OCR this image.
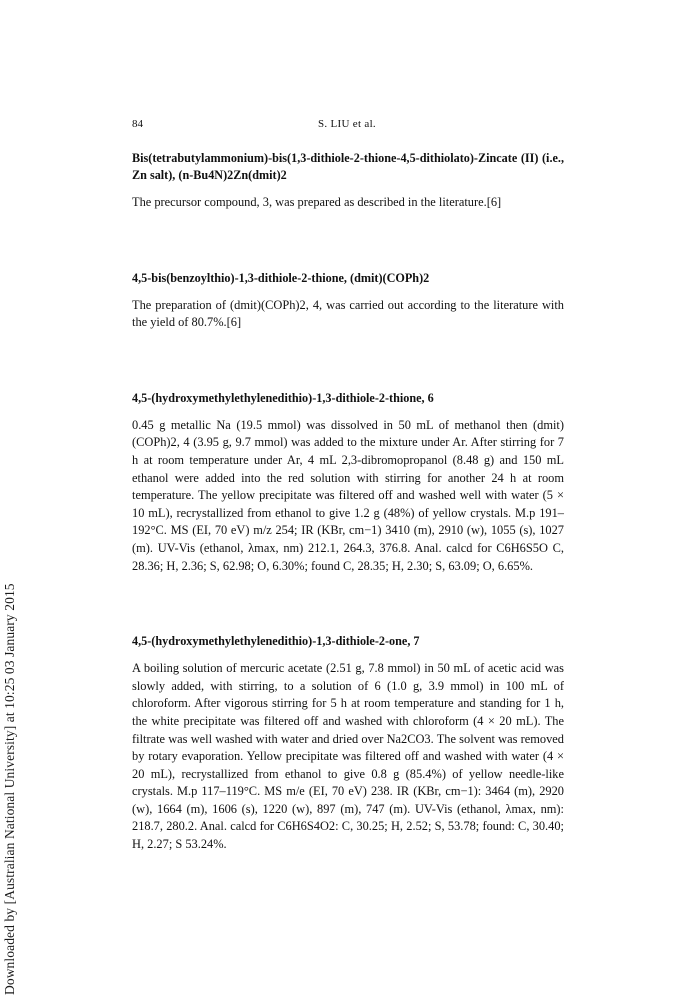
Downloaded by [Australian National University] at 10:25 03 January 2015
84	S. LIU et al.

Bis(tetrabutylammonium)-bis(1,3-dithiole-2-thione-4,5-dithiolato)-Zincate (II) (i.e., Zn salt), (n-Bu4N)2Zn(dmit)2

The precursor compound, 3, was prepared as described in the literature.[6]

4,5-bis(benzoylthio)-1,3-dithiole-2-thione, (dmit)(COPh)2

The preparation of (dmit)(COPh)2, 4, was carried out according to the literature with the yield of 80.7%.[6]

4,5-(hydroxymethylethylenedithio)-1,3-dithiole-2-thione, 6

0.45 g metallic Na (19.5 mmol) was dissolved in 50 mL of methanol then (dmit)(COPh)2, 4 (3.95 g, 9.7 mmol) was added to the mixture under Ar. After stirring for 7 h at room temperature under Ar, 4 mL 2,3-dibromopropanol (8.48 g) and 150 mL ethanol were added into the red solution with stirring for another 24 h at room temperature. The yellow precipitate was filtered off and washed well with water (5 × 10 mL), recrystallized from ethanol to give 1.2 g (48%) of yellow crystals. M.p 191–192°C. MS (EI, 70 eV) m/z 254; IR (KBr, cm−1) 3410 (m), 2910 (w), 1055 (s), 1027 (m). UV-Vis (ethanol, λmax, nm) 212.1, 264.3, 376.8. Anal. calcd for C6H6S5O C, 28.36; H, 2.36; S, 62.98; O, 6.30%; found C, 28.35; H, 2.30; S, 63.09; O, 6.65%.

4,5-(hydroxymethylethylenedithio)-1,3-dithiole-2-one, 7

A boiling solution of mercuric acetate (2.51 g, 7.8 mmol) in 50 mL of acetic acid was slowly added, with stirring, to a solution of 6 (1.0 g, 3.9 mmol) in 100 mL of chloroform. After vigorous stirring for 5 h at room temperature and standing for 1 h, the white precipitate was filtered off and washed with chloroform (4 × 20 mL). The filtrate was well washed with water and dried over Na2CO3. The solvent was removed by rotary evaporation. Yellow precipitate was filtered off and washed with water (4 × 20 mL), recrystallized from ethanol to give 0.8 g (85.4%) of yellow needle-like crystals. M.p 117–119°C. MS m/e (EI, 70 eV) 238. IR (KBr, cm−1): 3464 (m), 2920 (w), 1664 (m), 1606 (s), 1220 (w), 897 (m), 747 (m). UV-Vis (ethanol, λmax, nm): 218.7, 280.2. Anal. calcd for C6H6S4O2: C, 30.25; H, 2.52; S, 53.78; found: C, 30.40; H, 2.27; S 53.24%.
